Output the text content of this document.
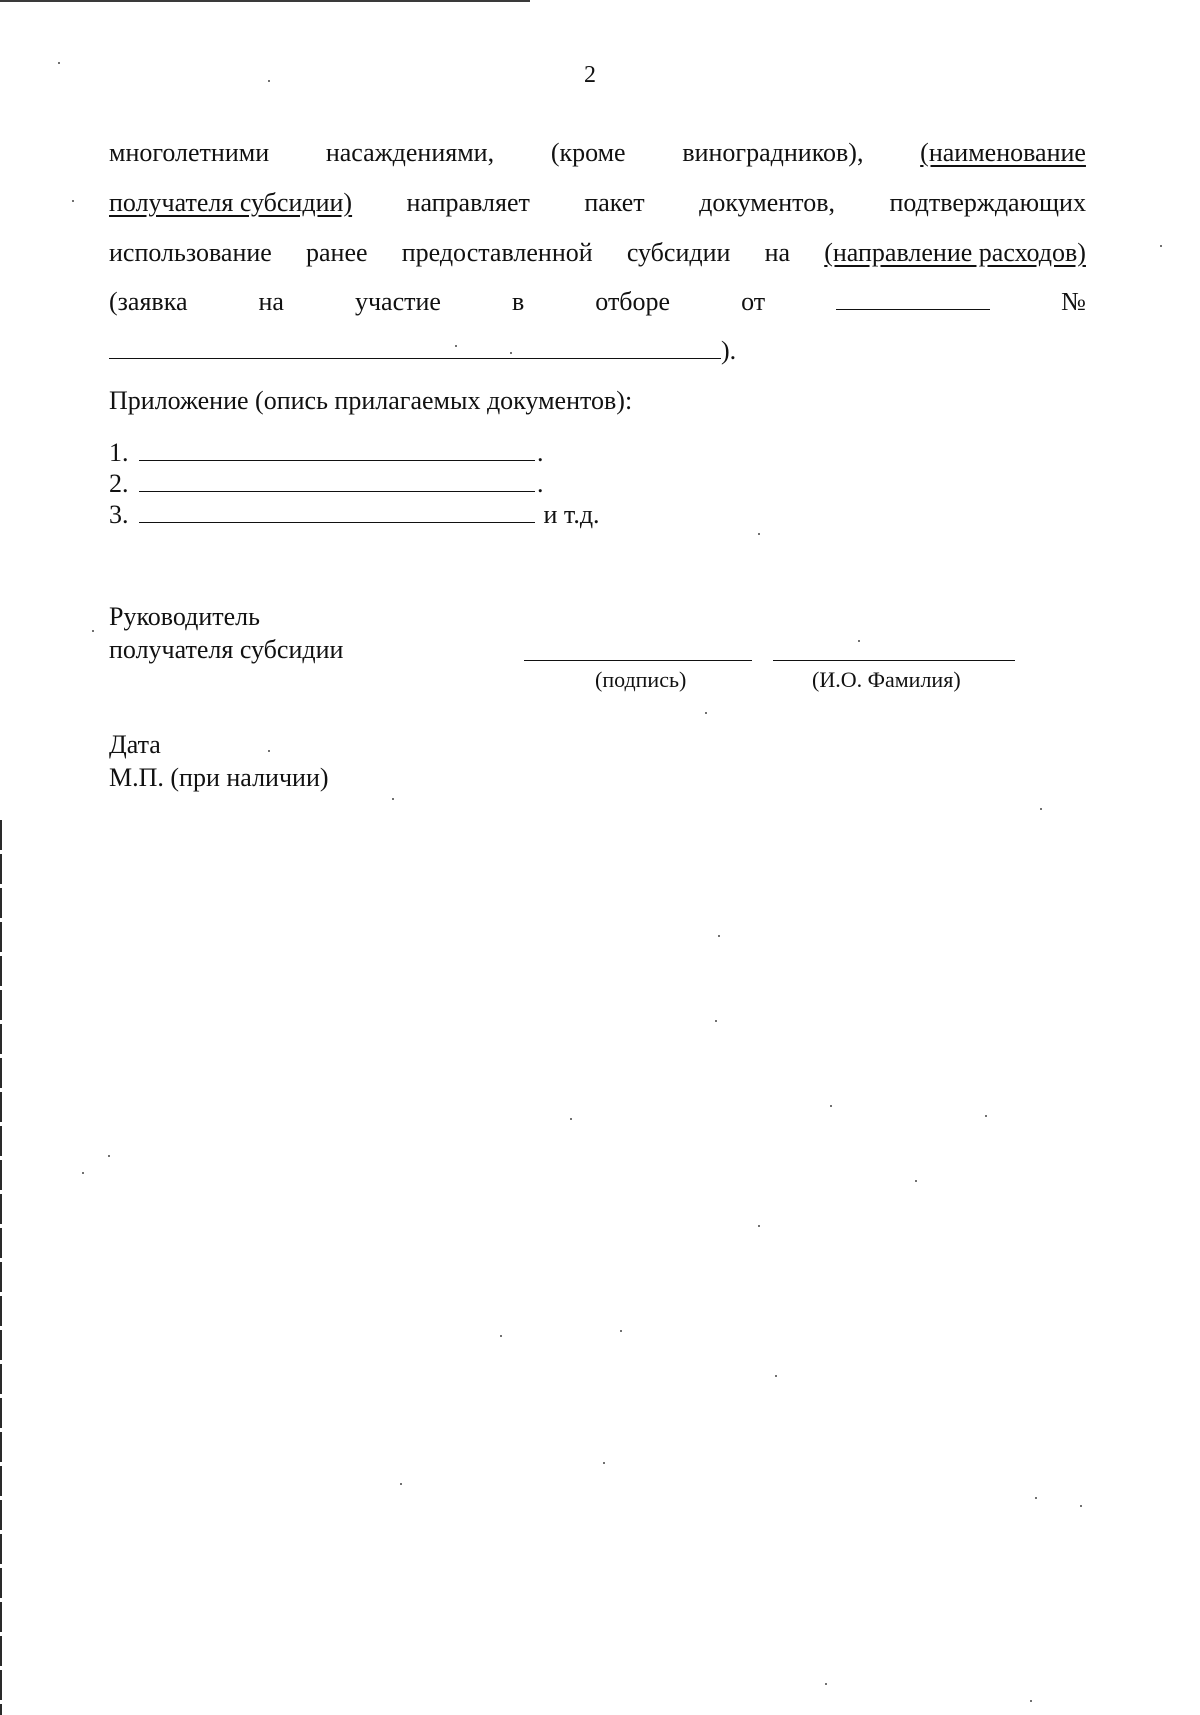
2
многолетними насаждениями, (кроме виноградников), (наименование
получателя субсидии) направляет пакет документов, подтверждающих
использование ранее предоставленной субсидии на (направление расходов)
(заявка	на	участие	в	отборе	от	№
).
Приложение (опись прилагаемых документов):
1.	.
2.	.
3.	и т.д.
Руководитель
получателя субсидии
(подпись)	(И.О. Фамилия)
Дата
М.П. (при наличии)
